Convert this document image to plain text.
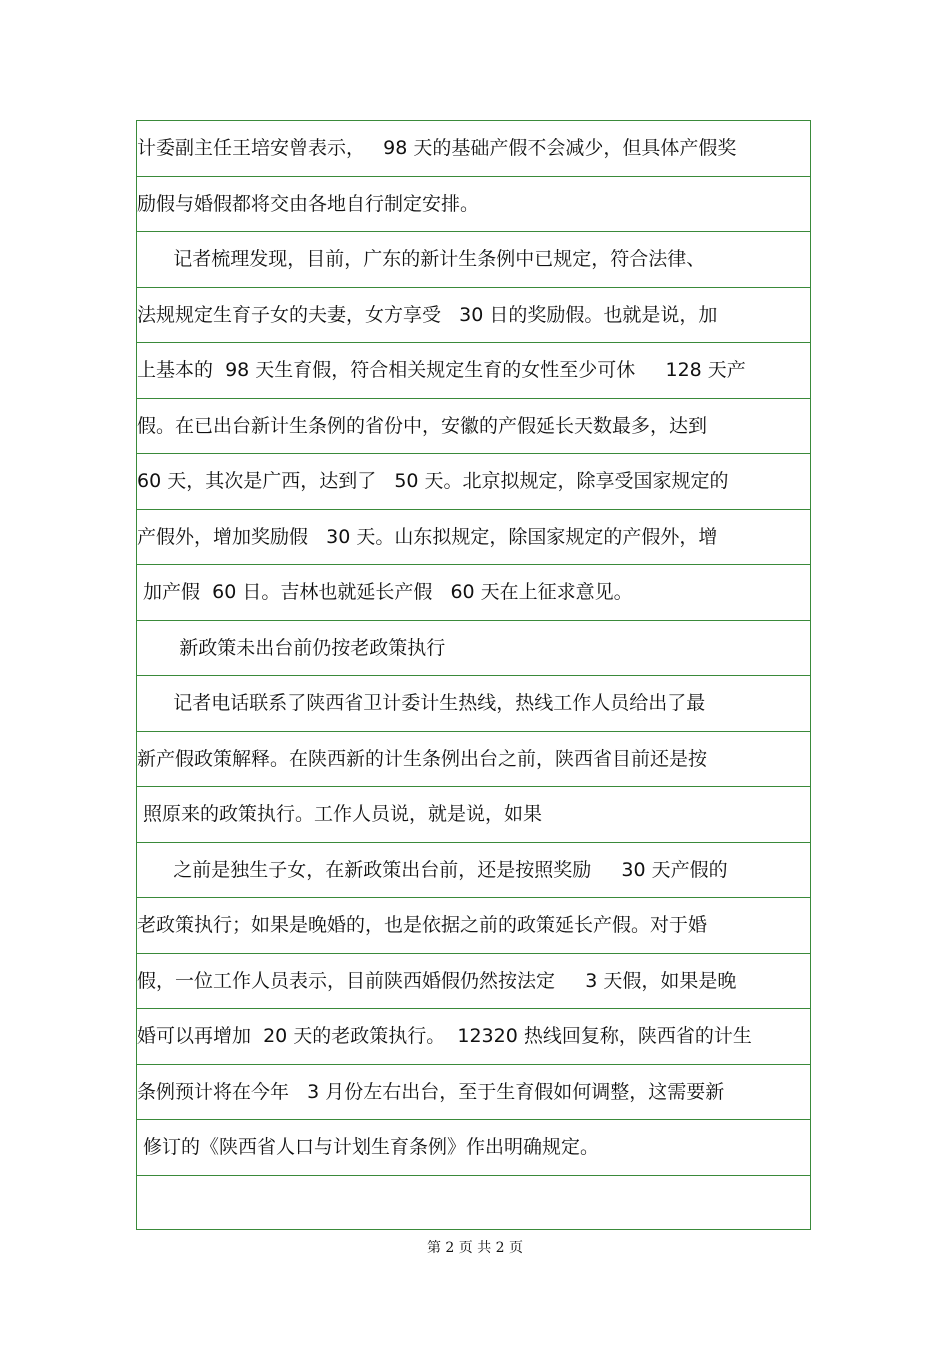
计委副主任王培安曾表示，   98 天的基础产假不会减少，但具体产假奖
励假与婚假都将交由各地自行制定安排。
记者梳理发现，目前，广东的新计生条例中已规定，符合法律、
法规规定生育子女的夫妻，女方享受   30 日的奖励假。也就是说，加
上基本的  98 天生育假，符合相关规定生育的女性至少可休     128 天产
假。在已出台新计生条例的省份中，安徽的产假延长天数最多，达到
60 天，其次是广西，达到了   50 天。北京拟规定，除享受国家规定的
产假外，增加奖励假   30 天。山东拟规定，除国家规定的产假外，增
加产假  60 日。吉林也就延长产假   60 天在上征求意见。
新政策未出台前仍按老政策执行
记者电话联系了陕西省卫计委计生热线，热线工作人员给出了最
新产假政策解释。在陕西新的计生条例出台之前，陕西省目前还是按
照原来的政策执行。工作人员说，就是说，如果
之前是独生子女，在新政策出台前，还是按照奖励     30 天产假的
老政策执行；如果是晚婚的，也是依据之前的政策延长产假。对于婚
假，一位工作人员表示，目前陕西婚假仍然按法定     3 天假，如果是晚
婚可以再增加  20 天的老政策执行。  12320 热线回复称，陕西省的计生
条例预计将在今年   3 月份左右出台，至于生育假如何调整，这需要新
修订的《陕西省人口与计划生育条例》作出明确规定。
第 2 页 共 2 页
